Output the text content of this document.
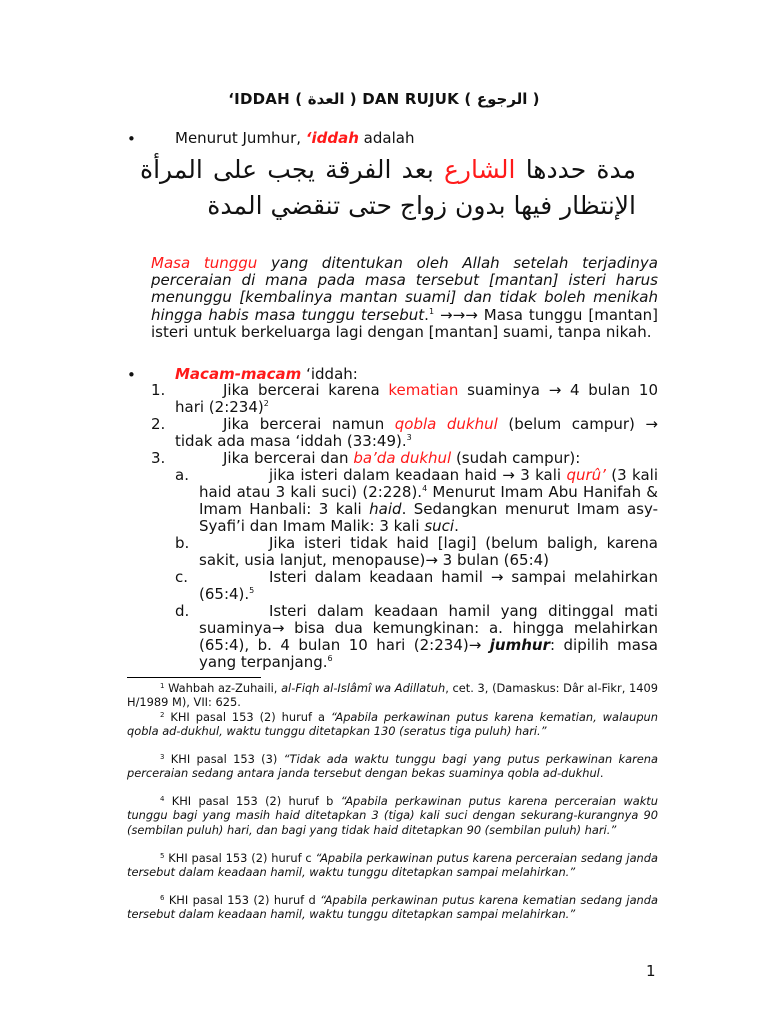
‘IDDAH ( العدة ) DAN RUJUK ( الرجوع )
•	Menurut Jumhur, ‘iddah adalah
مدة حددها الشارع بعد الفرقة يجب على المرأة الإنتظار فيها بدون زواج حتى تنقضي المدة
Masa tunggu yang ditentukan oleh Allah setelah terjadinya perceraian di mana pada masa tersebut [mantan] isteri harus menunggu [kembalinya mantan suami] dan tidak boleh menikah hingga habis masa tunggu tersebut.$^1$ →→→ Masa tunggu [mantan] isteri untuk berkeluarga lagi dengan [mantan] suami, tanpa nikah.
•	Macam-macam ‘iddah:
1.	Jika bercerai karena kematian suaminya → 4 bulan 10 hari (2:234)$^2$
2.	Jika bercerai namun qobla dukhul (belum campur) → tidak ada masa ‘iddah (33:49).$^3$
3.	Jika bercerai dan ba’da dukhul (sudah campur):
a.	jika isteri dalam keadaan haid → 3 kali qurû’ (3 kali haid atau 3 kali suci) (2:228).$^4$ Menurut Imam Abu Hanifah & Imam Hanbali: 3 kali haid. Sedangkan menurut Imam asy-Syafi’i dan Imam Malik: 3 kali suci.
b.	Jika isteri tidak haid [lagi] (belum baligh, karena sakit, usia lanjut, menopause)→ 3 bulan (65:4)
c.	Isteri dalam keadaan hamil → sampai melahirkan (65:4).$^5$
d.	Isteri dalam keadaan hamil yang ditinggal mati suaminya→ bisa dua kemungkinan: a. hingga melahirkan (65:4), b. 4 bulan 10 hari (2:234)→ jumhur: dipilih masa yang terpanjang.$^6$
$^1$ Wahbah az-Zuhaili, al-Fiqh al-Islâmî wa Adillatuh, cet. 3, (Damaskus: Dâr al-Fikr, 1409 H/1989 M), VII: 625.
$^2$ KHI pasal 153 (2) huruf a “Apabila perkawinan putus karena kematian, walaupun qobla ad-dukhul, waktu tunggu ditetapkan 130 (seratus tiga puluh) hari.”
$^3$ KHI pasal 153 (3) “Tidak ada waktu tunggu bagi yang putus perkawinan karena perceraian sedang antara janda tersebut dengan bekas suaminya qobla ad-dukhul.
$^4$ KHI pasal 153 (2) huruf b “Apabila perkawinan putus karena perceraian waktu tunggu bagi yang masih haid ditetapkan 3 (tiga) kali suci dengan sekurang-kurangnya 90 (sembilan puluh) hari, dan bagi yang tidak haid ditetapkan 90 (sembilan puluh) hari.”
$^5$ KHI pasal 153 (2) huruf c “Apabila perkawinan putus karena perceraian sedang janda tersebut dalam keadaan hamil, waktu tunggu ditetapkan sampai melahirkan.”
$^6$ KHI pasal 153 (2) huruf d “Apabila perkawinan putus karena kematian sedang janda tersebut dalam keadaan hamil, waktu tunggu ditetapkan sampai melahirkan.”
1
